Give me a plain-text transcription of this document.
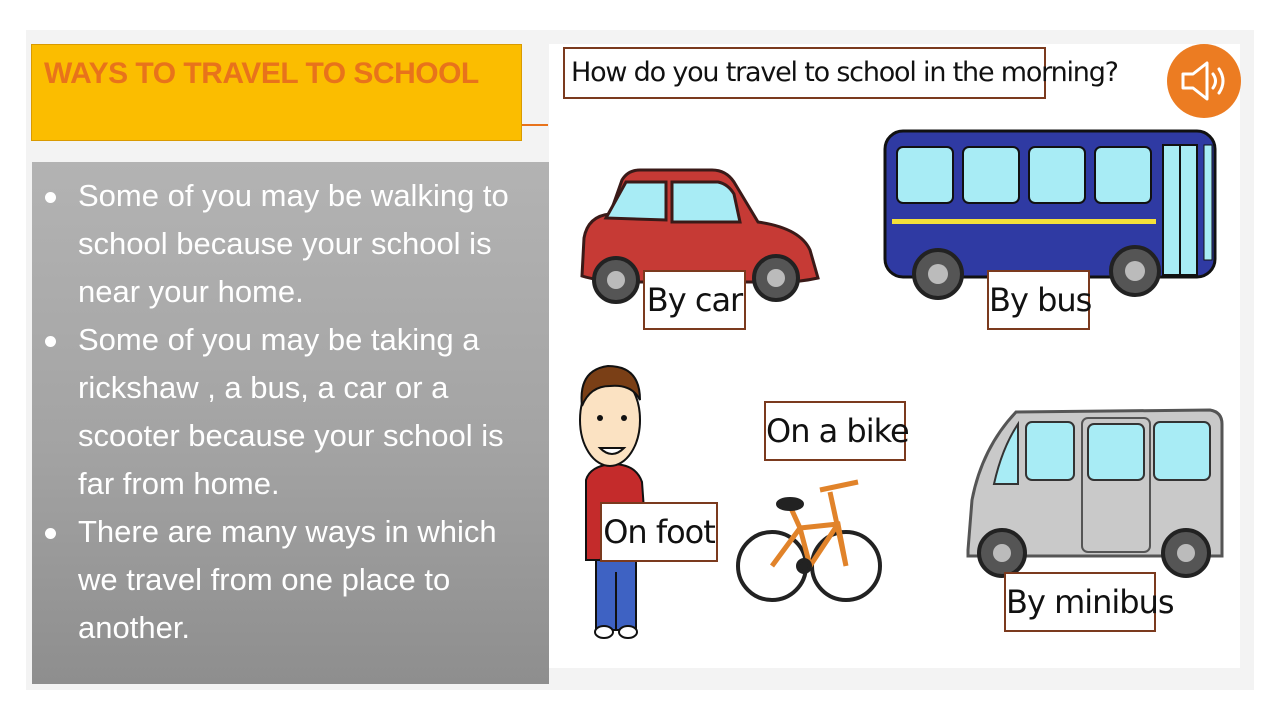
WAYS TO TRAVEL TO SCHOOL
Some of you may be walking to school because your school is near your home.
Some of you may be taking a rickshaw , a bus, a car or a scooter because your school is far from home.
There are many ways in which we travel from one place to another.
How do you travel to school in the morning?
By car	By bus
On foot
On a bike
By minibus
